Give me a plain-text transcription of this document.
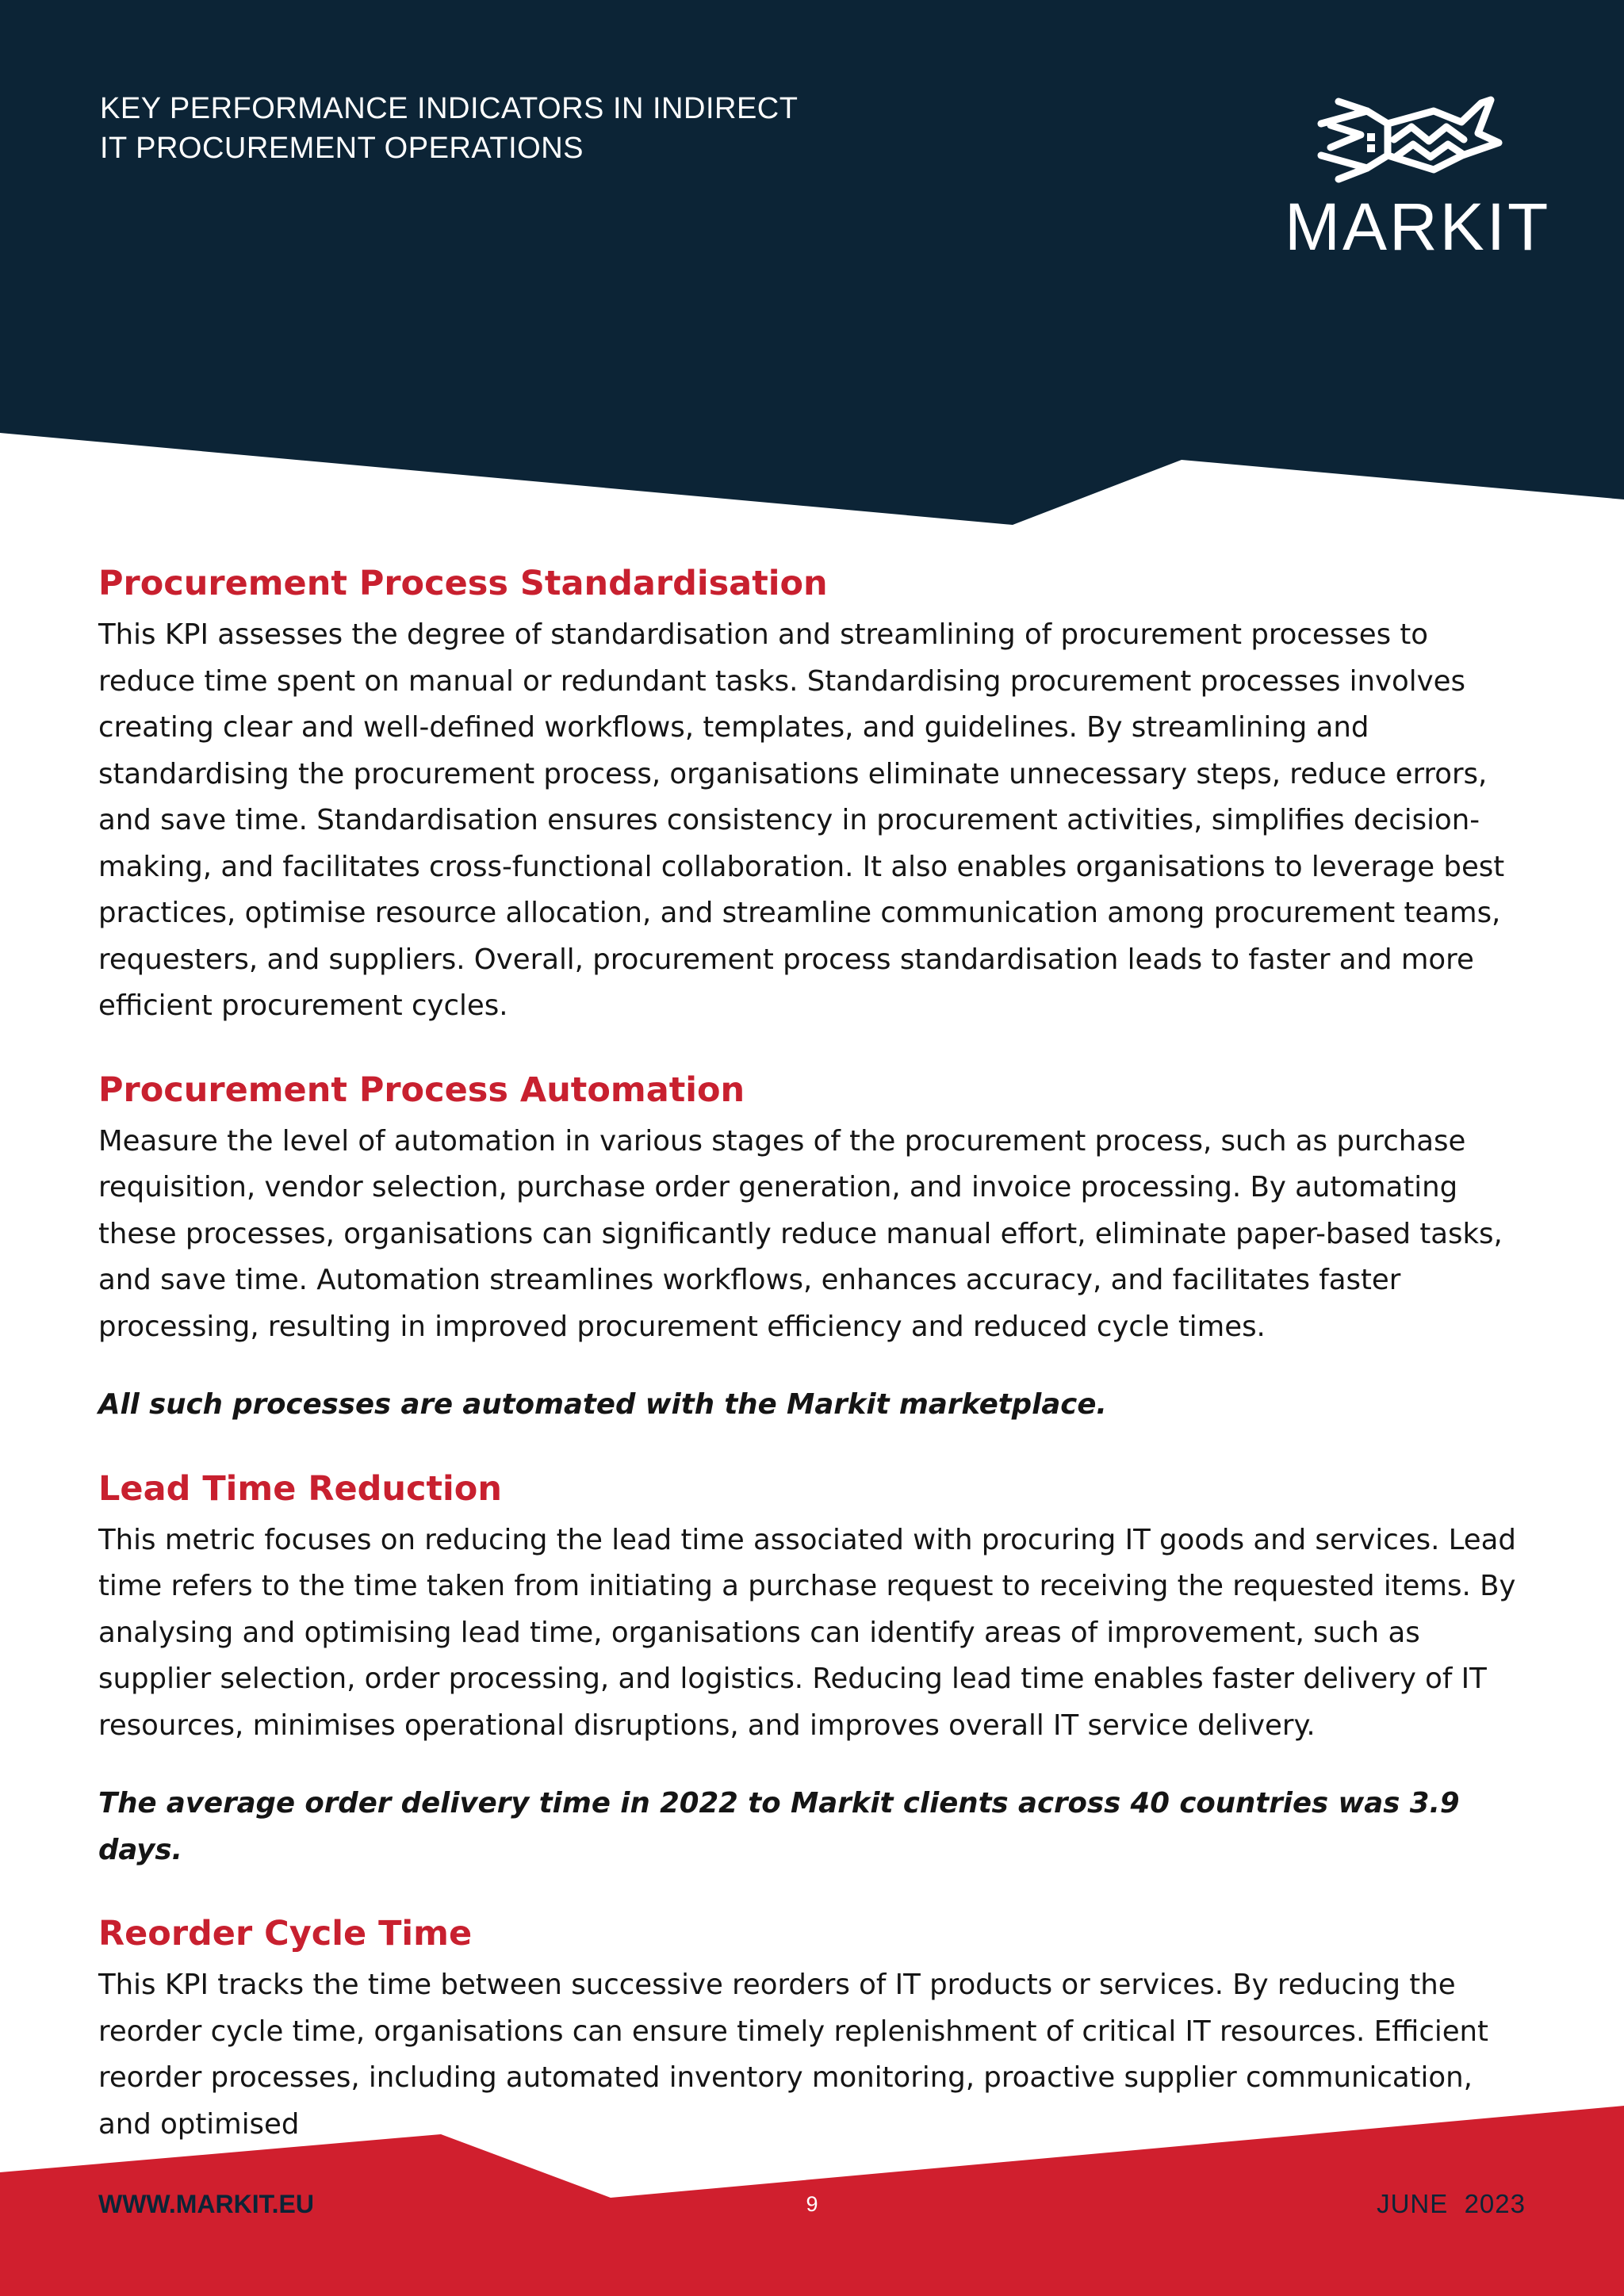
KEY PERFORMANCE INDICATORS IN INDIRECT
IT PROCUREMENT OPERATIONS
MARKIT
Procurement Process Standardisation

This KPI assesses the degree of standardisation and streamlining of procurement processes to reduce time spent on manual or redundant tasks. Standardising procurement processes involves creating clear and well-defined workflows, templates, and guidelines. By streamlining and standardising the procurement process, organisations eliminate unnecessary steps, reduce errors, and save time. Standardisation ensures consistency in procurement activities, simplifies decision-making, and facilitates cross-functional collaboration. It also enables organisations to leverage best practices, optimise resource allocation, and streamline communication among procurement teams, requesters, and suppliers. Overall, procurement process standardisation leads to faster and more efficient procurement cycles.

Procurement Process Automation

Measure the level of automation in various stages of the procurement process, such as purchase requisition, vendor selection, purchase order generation, and invoice processing. By automating these processes, organisations can significantly reduce manual effort, eliminate paper-based tasks, and save time. Automation streamlines workflows, enhances accuracy, and facilitates faster processing, resulting in improved procurement efficiency and reduced cycle times.

All such processes are automated with the Markit marketplace.

Lead Time Reduction

This metric focuses on reducing the lead time associated with procuring IT goods and services. Lead time refers to the time taken from initiating a purchase request to receiving the requested items. By analysing and optimising lead time, organisations can identify areas of improvement, such as supplier selection, order processing, and logistics. Reducing lead time enables faster delivery of IT resources, minimises operational disruptions, and improves overall IT service delivery.

The average order delivery time in 2022 to Markit clients across 40 countries was 3.9 days.

Reorder Cycle Time

This KPI tracks the time between successive reorders of IT products or services. By reducing the reorder cycle time, organisations can ensure timely replenishment of critical IT resources. Efficient reorder processes, including automated inventory monitoring, proactive supplier communication, and optimised

WWW.MARKIT.EU	9	JUNE  2023
